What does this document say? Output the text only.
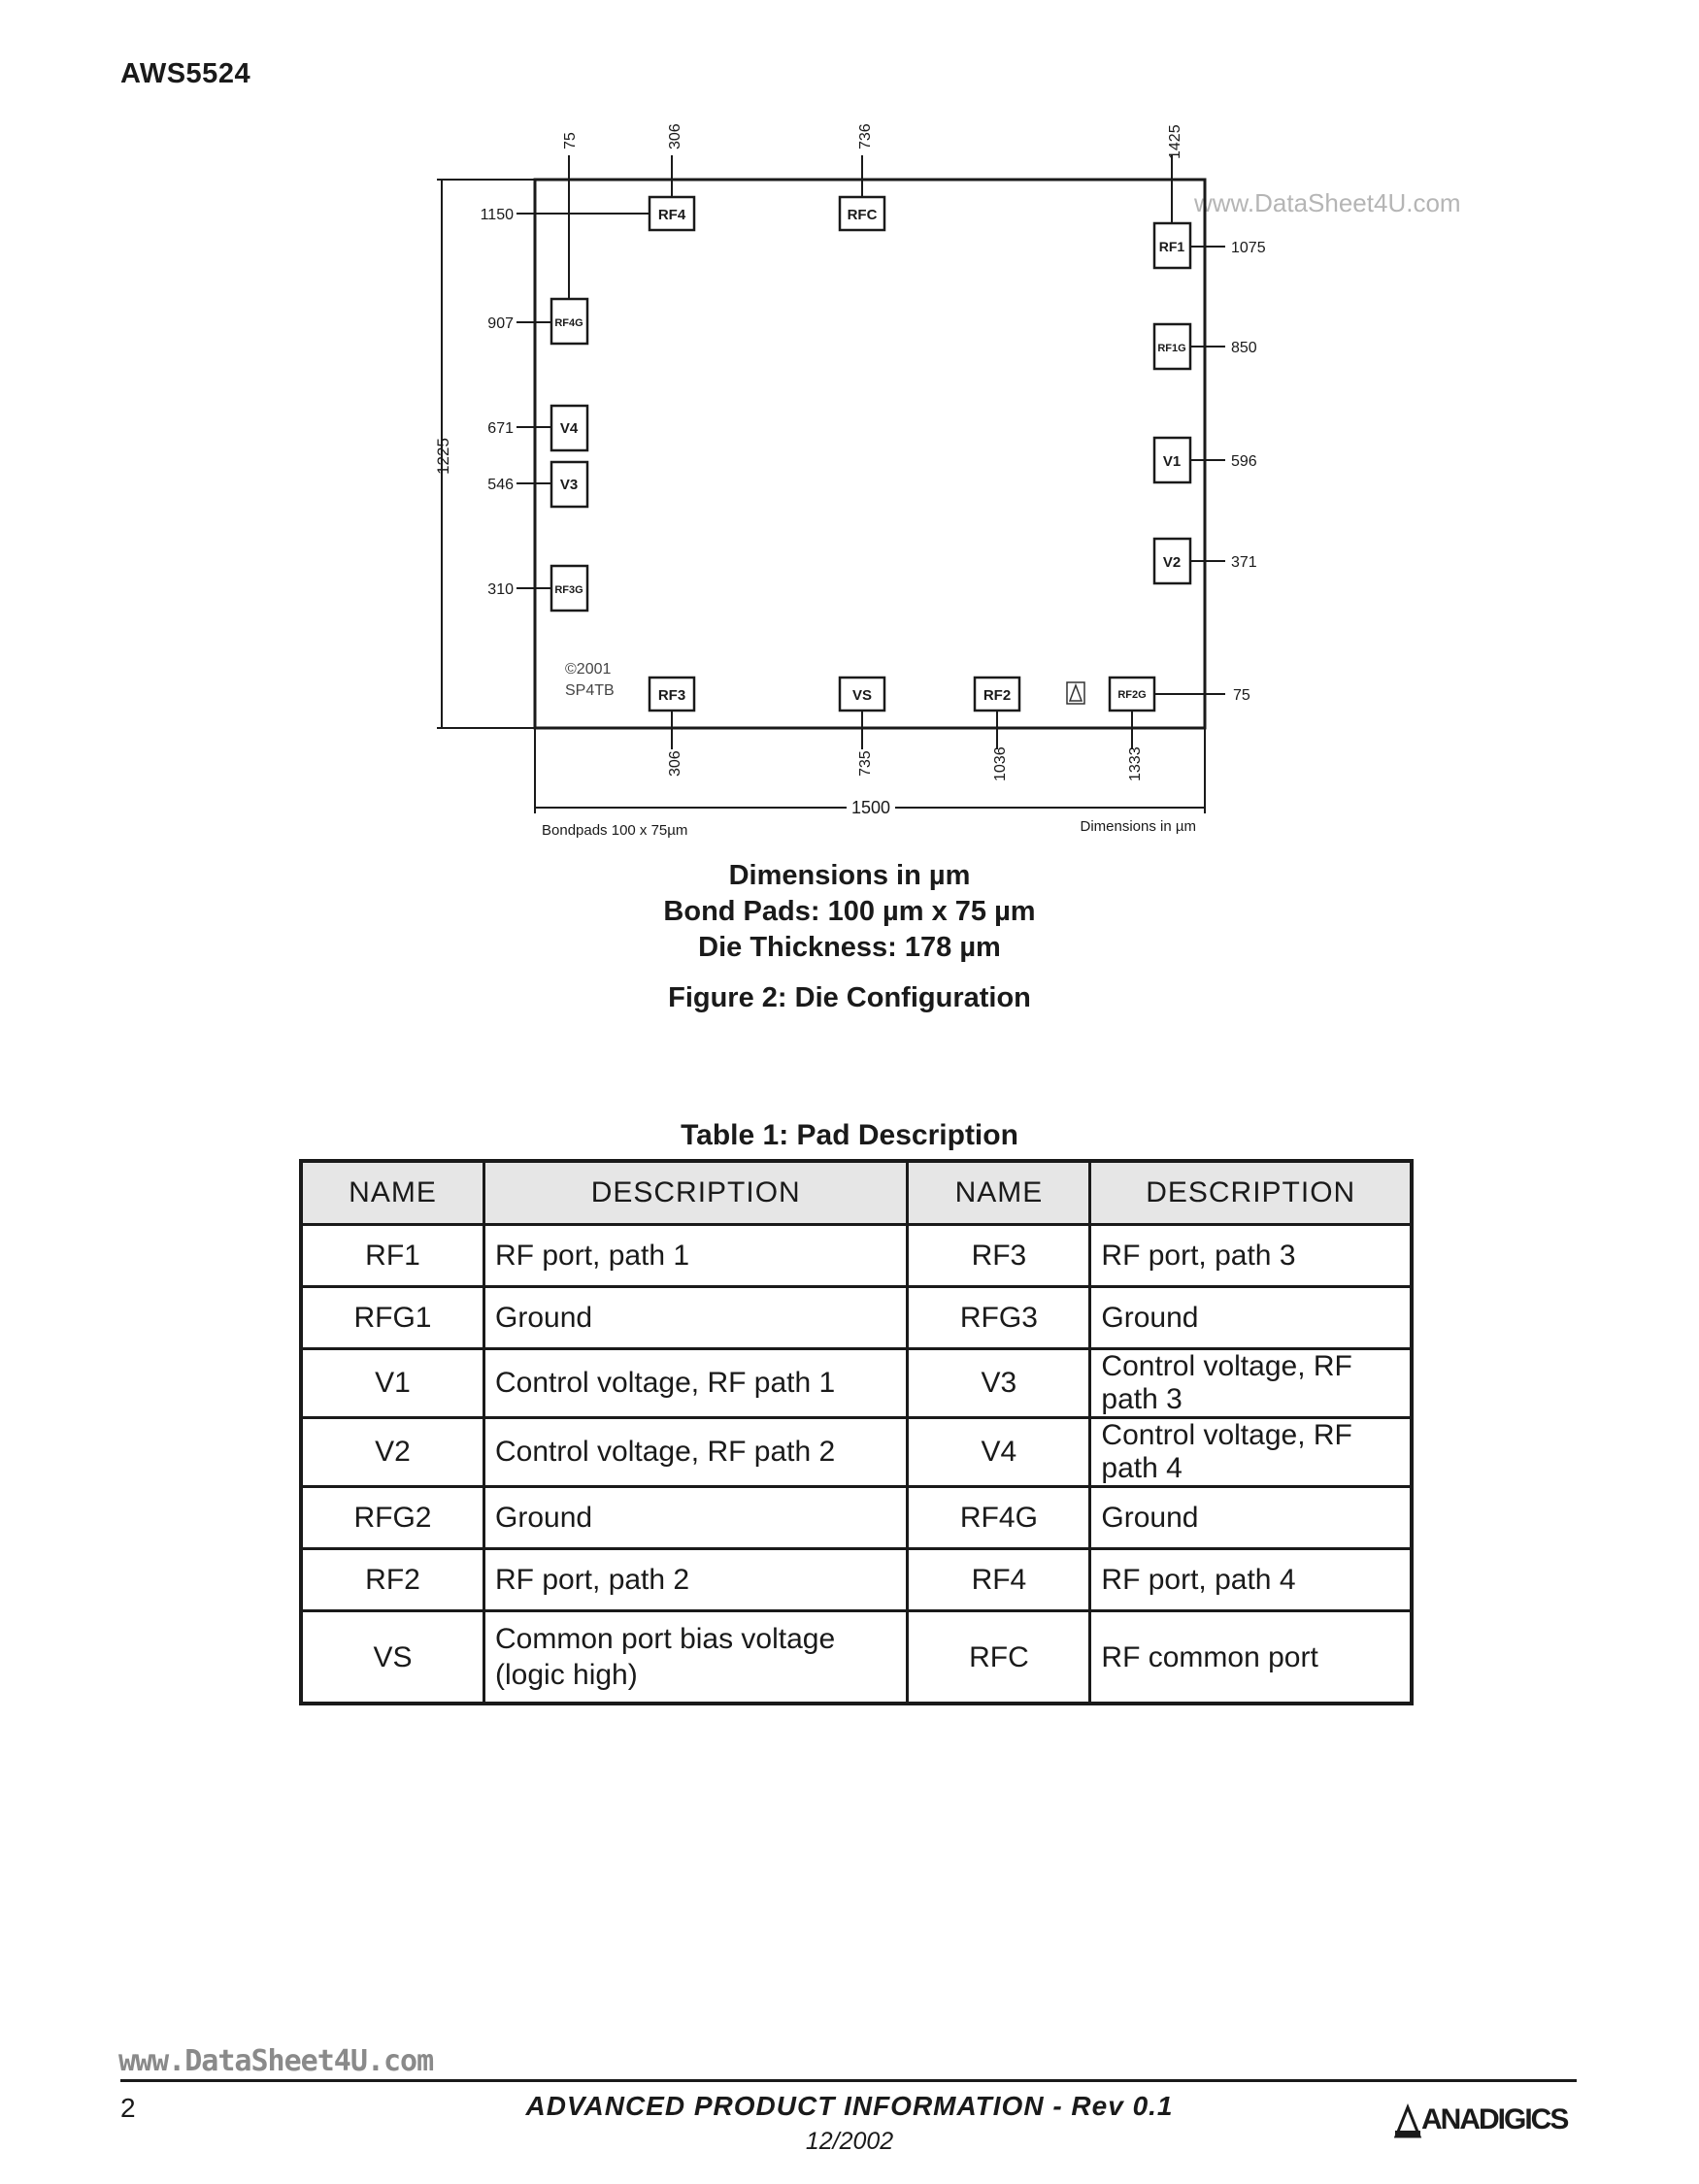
AWS5524
www.DataSheet4U.com
1225
1500
Bondpads 100 x 75µm	Dimensions in µm
©2001
SP4TB
75	306
1150	RF4
736
RFC
1425
1075
RF1
907	RF4G
671	V4
546	V3
310	RF3G
850
RF1G
596
V1
371
V2
RF3
306
VS
735
RF2
1036
RF2G
1333
75
Dimensions in µm
Bond Pads: 100 µm x 75 µm
Die Thickness: 178 µm
Figure 2: Die Configuration
Table 1: Pad Description
NAME	DESCRIPTION	NAME	DESCRIPTION
RF1	RF port, path 1	RF3	RF port, path 3
RFG1	Ground	RFG3	Ground
V1	Control voltage, RF path 1	V3	Control voltage, RF path 3
V2	Control voltage, RF path 2	V4	Control voltage, RF path 4
RFG2	Ground	RF4G	Ground
RF2	RF port, path 2	RF4	RF port, path 4
VS	Common port bias voltage (logic high)	RFC	RF common port
www.DataSheet4U.com
2	ADVANCED PRODUCT INFORMATION - Rev 0.1
12/2002
ANADIGICS
